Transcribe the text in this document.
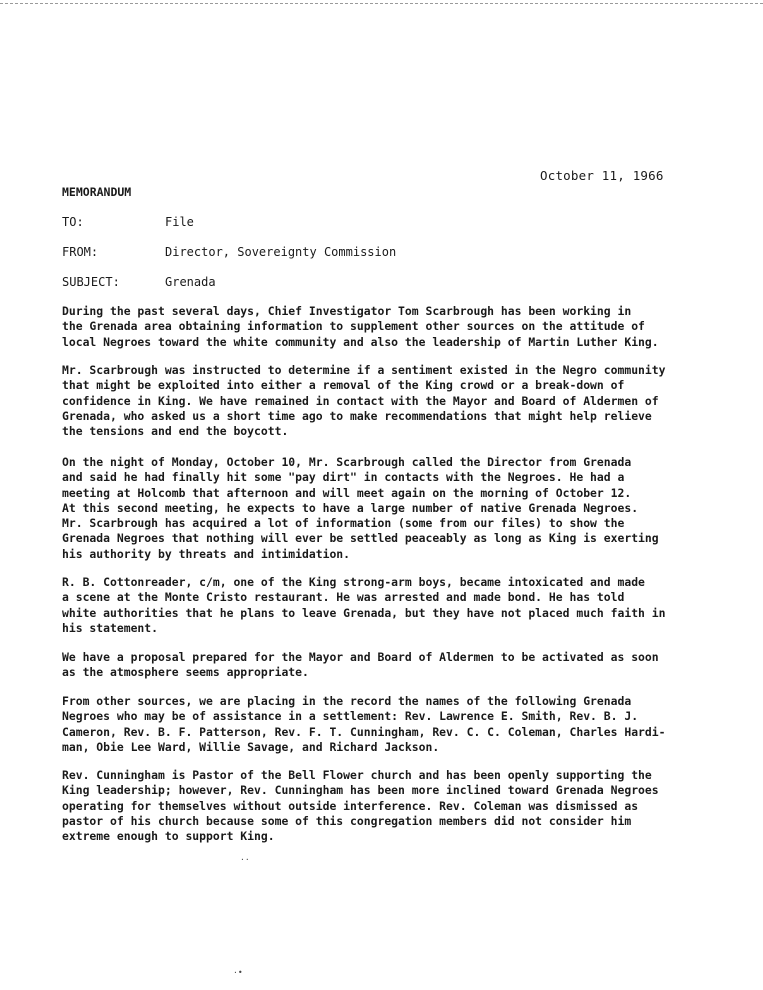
October 11, 1966
MEMORANDUM
TO:	File
FROM:	Director, Sovereignty Commission
SUBJECT:	Grenada

During the past several days, Chief Investigator Tom Scarbrough has been working in
the Grenada area obtaining information to supplement other sources on the attitude of
local Negroes toward the white community and also the leadership of Martin Luther King.

Mr. Scarbrough was instructed to determine if a sentiment existed in the Negro community
that might be exploited into either a removal of the King crowd or a break-down of
confidence in King. We have remained in contact with the Mayor and Board of Aldermen of
Grenada, who asked us a short time ago to make recommendations that might help relieve
the tensions and end the boycott.

On the night of Monday, October 10, Mr. Scarbrough called the Director from Grenada
and said he had finally hit some "pay dirt" in contacts with the Negroes. He had a
meeting at Holcomb that afternoon and will meet again on the morning of October 12.
At this second meeting, he expects to have a large number of native Grenada Negroes.
Mr. Scarbrough has acquired a lot of information (some from our files) to show the
Grenada Negroes that nothing will ever be settled peaceably as long as King is exerting
his authority by threats and intimidation.

R. B. Cottonreader, c/m, one of the King strong-arm boys, became intoxicated and made
a scene at the Monte Cristo restaurant. He was arrested and made bond. He has told
white authorities that he plans to leave Grenada, but they have not placed much faith in
his statement.

We have a proposal prepared for the Mayor and Board of Aldermen to be activated as soon
as the atmosphere seems appropriate.

From other sources, we are placing in the record the names of the following Grenada
Negroes who may be of assistance in a settlement: Rev. Lawrence E. Smith, Rev. B. J.
Cameron, Rev. B. F. Patterson, Rev. F. T. Cunningham, Rev. C. C. Coleman, Charles Hardi-
man, Obie Lee Ward, Willie Savage, and Richard Jackson.

Rev. Cunningham is Pastor of the Bell Flower church and has been openly supporting the
King leadership; however, Rev. Cunningham has been more inclined toward Grenada Negroes
operating for themselves without outside interference. Rev. Coleman was dismissed as
pastor of his church because some of this congregation members did not consider him
extreme enough to support King.

··
·•
